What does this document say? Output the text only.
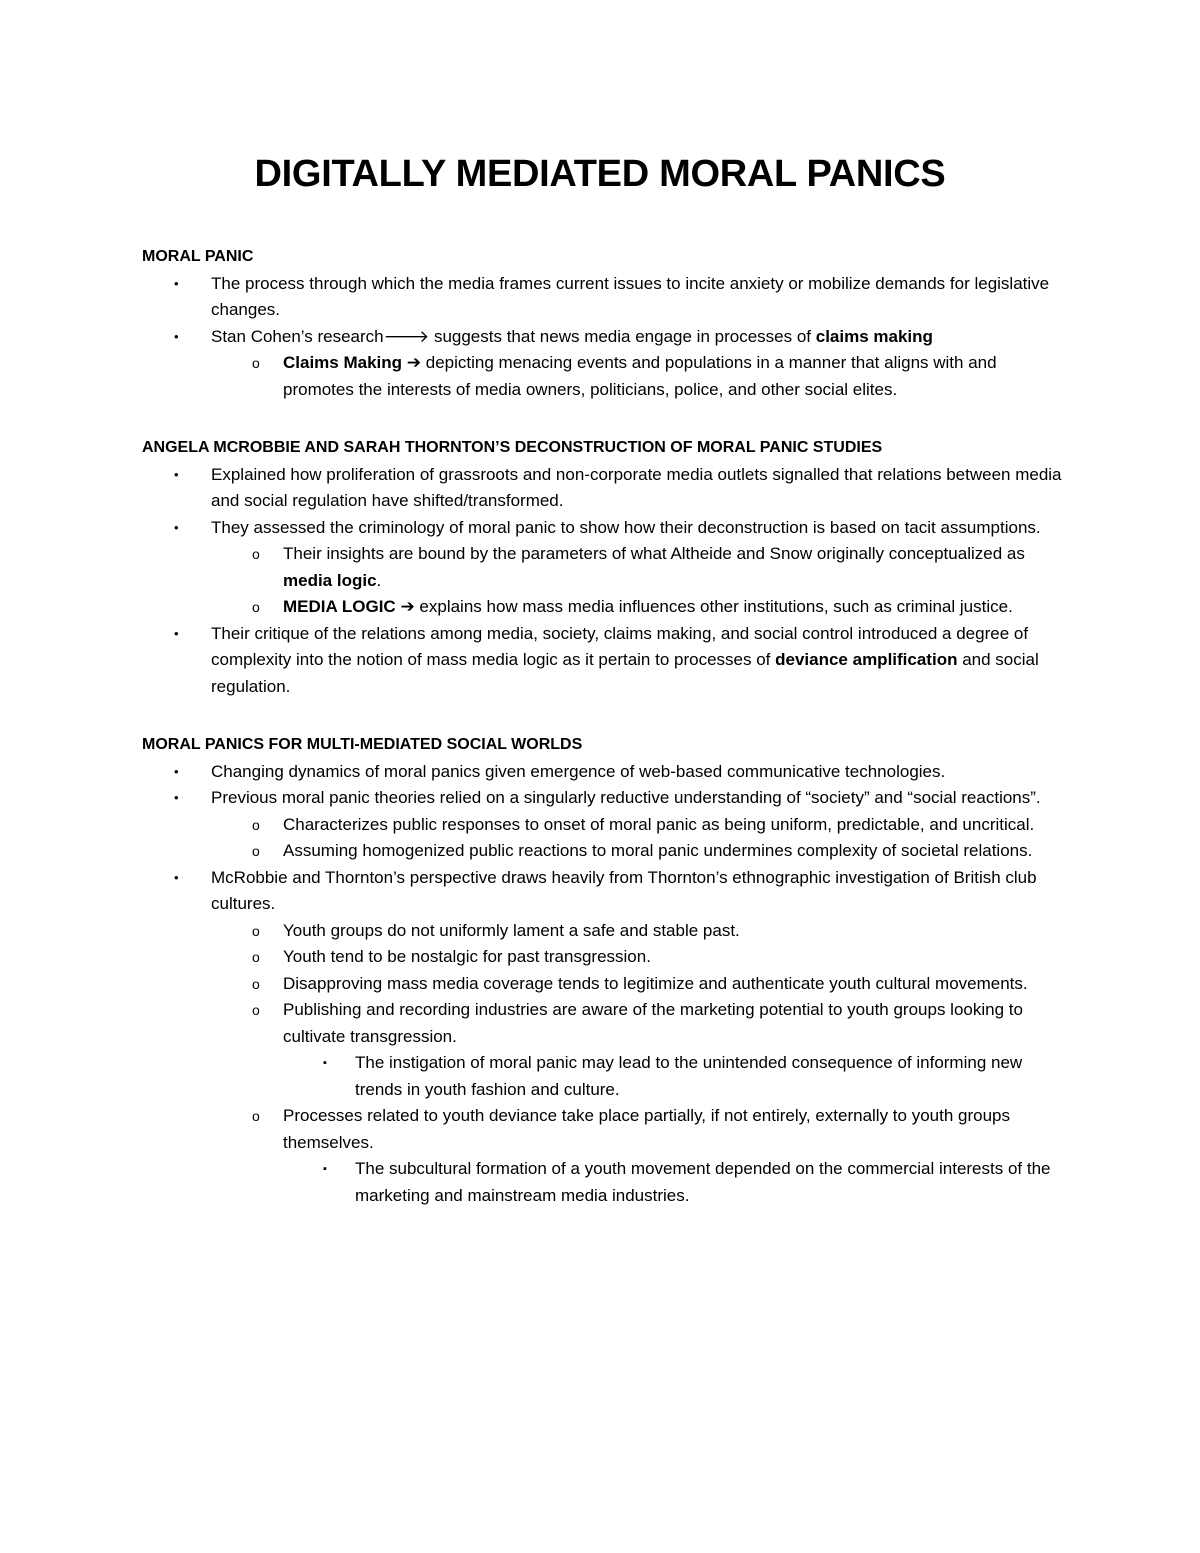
DIGITALLY MEDIATED MORAL PANICS

MORAL PANIC

• The process through which the media frames current issues to incite anxiety or mobilize demands for legislative changes.
• Stan Cohen’s research🡒 suggests that news media engage in processes of claims making
o Claims Making ➔ depicting menacing events and populations in a manner that aligns with and promotes the interests of media owners, politicians, police, and other social elites.

ANGELA MCROBBIE AND SARAH THORNTON’S DECONSTRUCTION OF MORAL PANIC STUDIES

• Explained how proliferation of grassroots and non-corporate media outlets signalled that relations between media and social regulation have shifted/transformed.
• They assessed the criminology of moral panic to show how their deconstruction is based on tacit assumptions.
o Their insights are bound by the parameters of what Altheide and Snow originally conceptualized as media logic.
o MEDIA LOGIC ➔ explains how mass media influences other institutions, such as criminal justice.
• Their critique of the relations among media, society, claims making, and social control introduced a degree of complexity into the notion of mass media logic as it pertain to processes of deviance amplification and social regulation.

MORAL PANICS FOR MULTI-MEDIATED SOCIAL WORLDS

• Changing dynamics of moral panics given emergence of web-based communicative technologies.
• Previous moral panic theories relied on a singularly reductive understanding of “society” and “social reactions”.
o Characterizes public responses to onset of moral panic as being uniform, predictable, and uncritical.
o Assuming homogenized public reactions to moral panic undermines complexity of societal relations.
• McRobbie and Thornton’s perspective draws heavily from Thornton’s ethnographic investigation of British club cultures.
o Youth groups do not uniformly lament a safe and stable past.
o Youth tend to be nostalgic for past transgression.
o Disapproving mass media coverage tends to legitimize and authenticate youth cultural movements.
o Publishing and recording industries are aware of the marketing potential to youth groups looking to cultivate transgression.
▪ The instigation of moral panic may lead to the unintended consequence of informing new trends in youth fashion and culture.
o Processes related to youth deviance take place partially, if not entirely, externally to youth groups themselves.
▪ The subcultural formation of a youth movement depended on the commercial interests of the marketing and mainstream media industries.
